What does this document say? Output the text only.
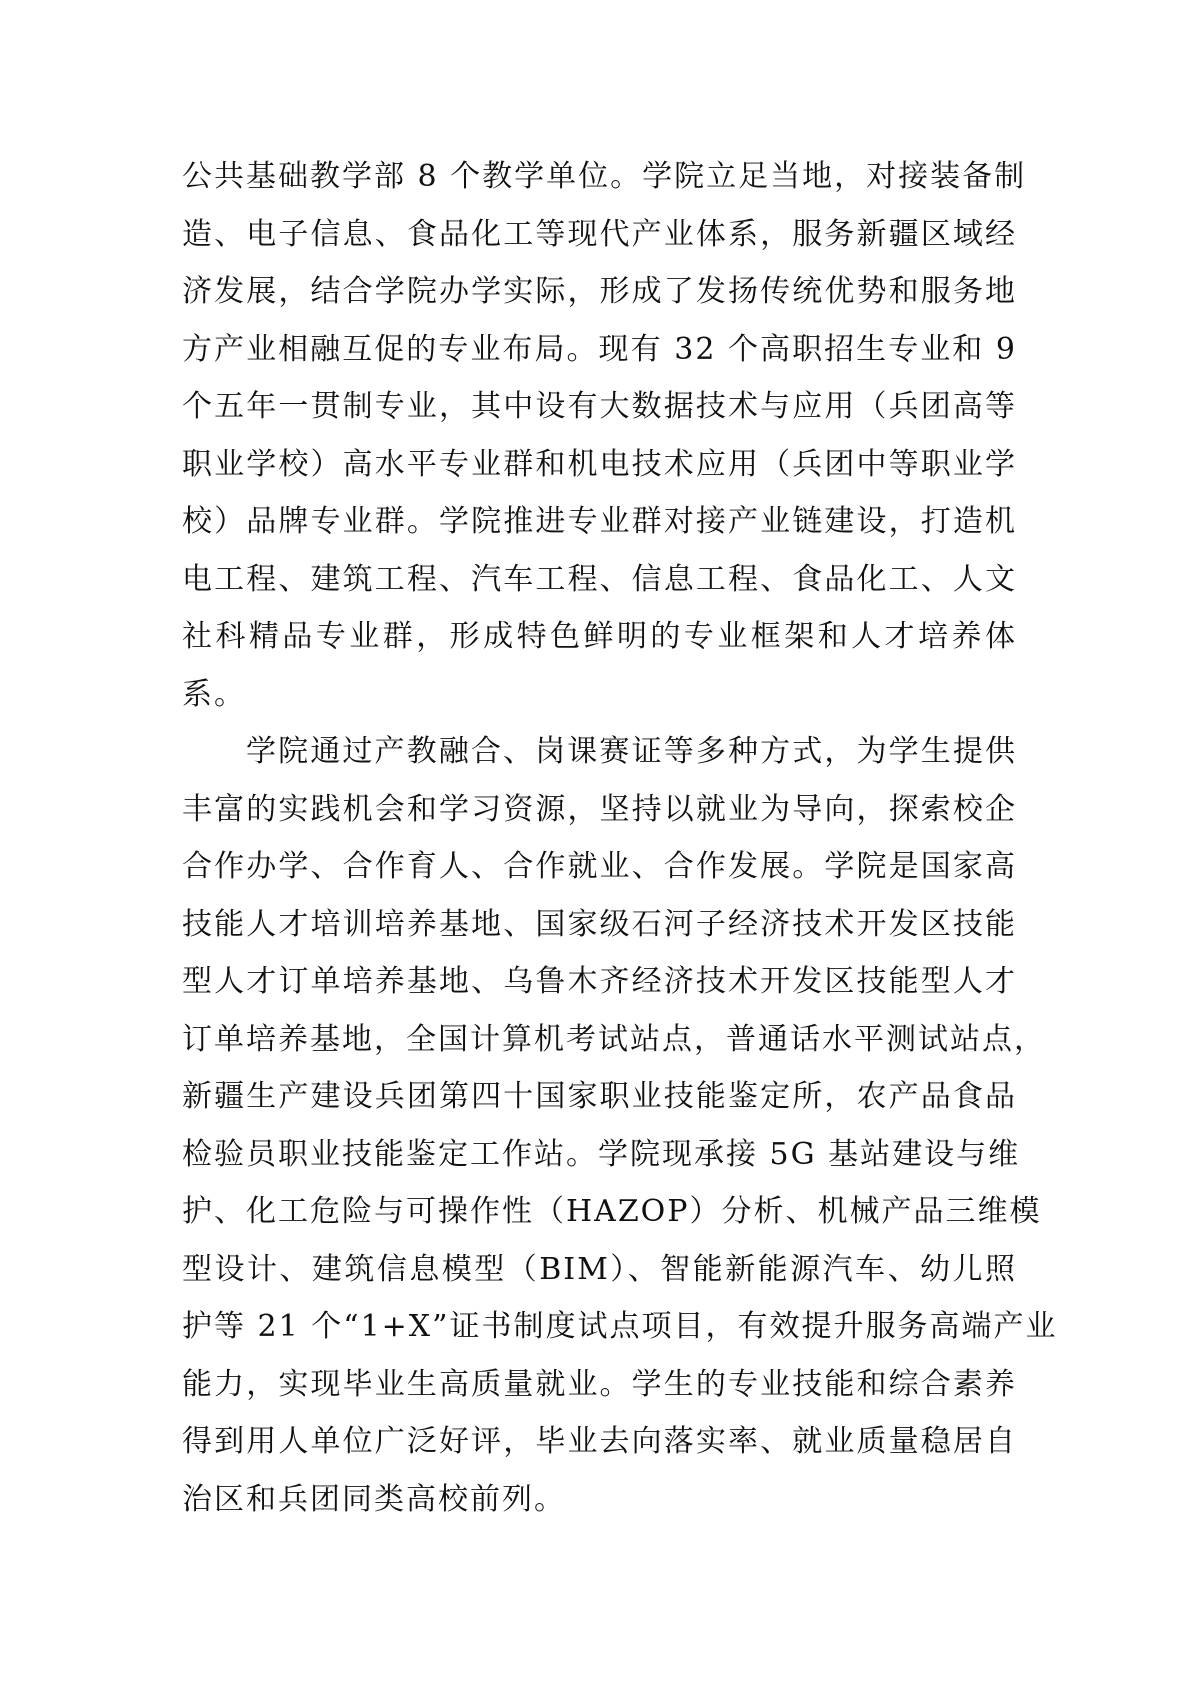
公共基础教学部 8 个教学单位。学院立足当地，对接装备制
造、电子信息、食品化工等现代产业体系，服务新疆区域经
济发展，结合学院办学实际，形成了发扬传统优势和服务地
方产业相融互促的专业布局。现有 32 个高职招生专业和 9
个五年一贯制专业，其中设有大数据技术与应用（兵团高等
职业学校）高水平专业群和机电技术应用（兵团中等职业学
校）品牌专业群。学院推进专业群对接产业链建设，打造机
电工程、建筑工程、汽车工程、信息工程、食品化工、人文
社科精品专业群，形成特色鲜明的专业框架和人才培养体
系。
学院通过产教融合、岗课赛证等多种方式，为学生提供
丰富的实践机会和学习资源，坚持以就业为导向，探索校企
合作办学、合作育人、合作就业、合作发展。学院是国家高
技能人才培训培养基地、国家级石河子经济技术开发区技能
型人才订单培养基地、乌鲁木齐经济技术开发区技能型人才
订单培养基地，全国计算机考试站点，普通话水平测试站点，
新疆生产建设兵团第四十国家职业技能鉴定所，农产品食品
检验员职业技能鉴定工作站。学院现承接 5G 基站建设与维
护、化工危险与可操作性（HAZOP）分析、机械产品三维模
型设计、建筑信息模型（BIM）、智能新能源汽车、幼儿照
护等 21 个“1+X”证书制度试点项目，有效提升服务高端产业
能力，实现毕业生高质量就业。学生的专业技能和综合素养
得到用人单位广泛好评，毕业去向落实率、就业质量稳居自
治区和兵团同类高校前列。
